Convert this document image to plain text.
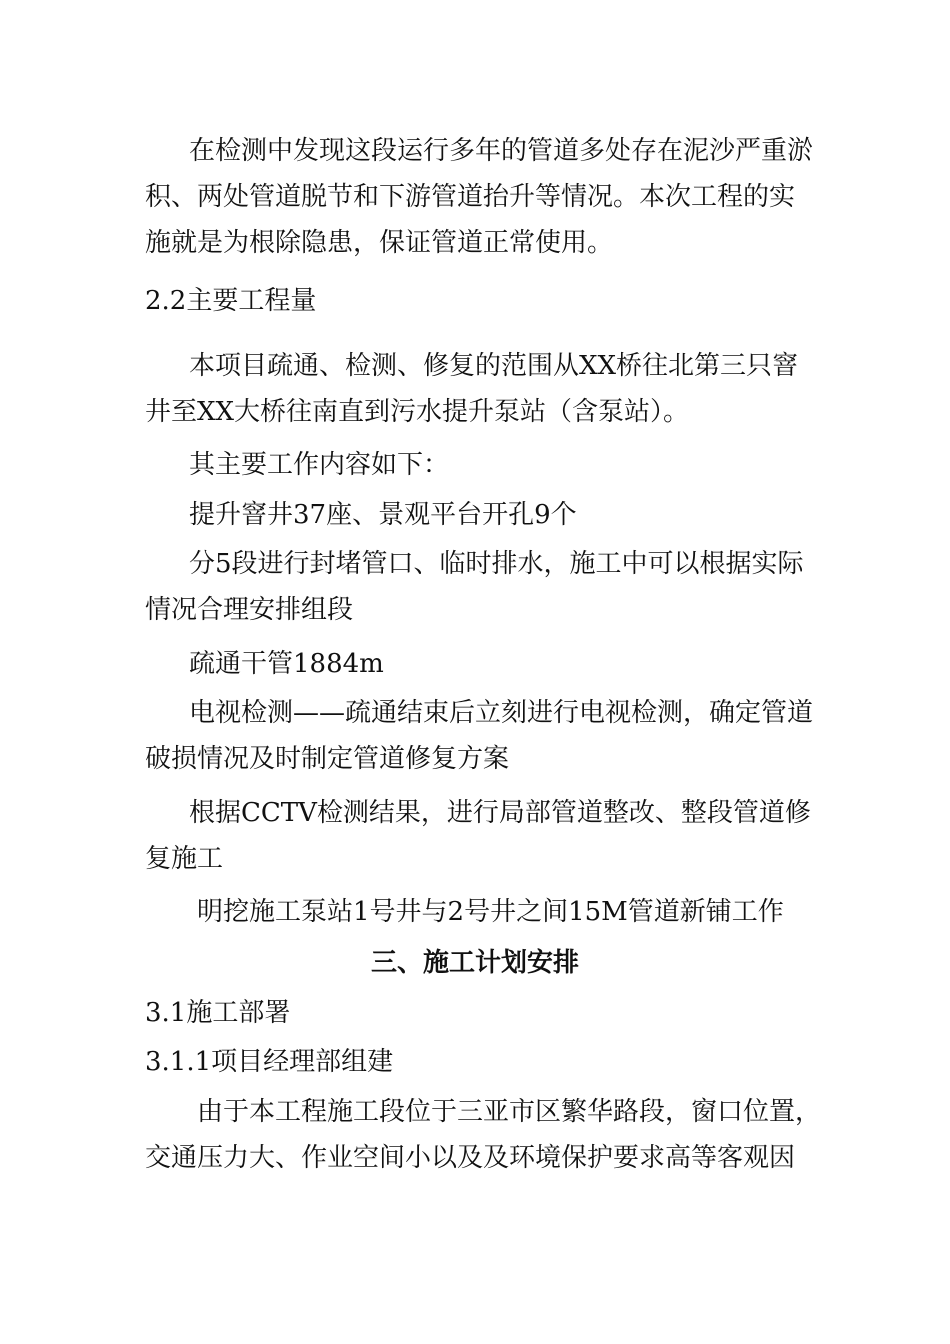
在检测中发现这段运行多年的管道多处存在泥沙严重淤
积、两处管道脱节和下游管道抬升等情况。本次工程的实
施就是为根除隐患，保证管道正常使用。
2.2主要工程量
本项目疏通、检测、修复的范围从XX桥往北第三只窨
井至XX大桥往南直到污水提升泵站（含泵站）。
其主要工作内容如下：
提升窨井37座、景观平台开孔9个
分5段进行封堵管口、临时排水，施工中可以根据实际
情况合理安排组段
疏通干管1884m
电视检测——疏通结束后立刻进行电视检测，确定管道
破损情况及时制定管道修复方案
根据CCTV检测结果，进行局部管道整改、整段管道修
复施工
明挖施工泵站1号井与2号井之间15M管道新铺工作
三、施工计划安排
3.1施工部署
3.1.1项目经理部组建
由于本工程施工段位于三亚市区繁华路段，窗口位置，
交通压力大、作业空间小以及及环境保护要求高等客观因
